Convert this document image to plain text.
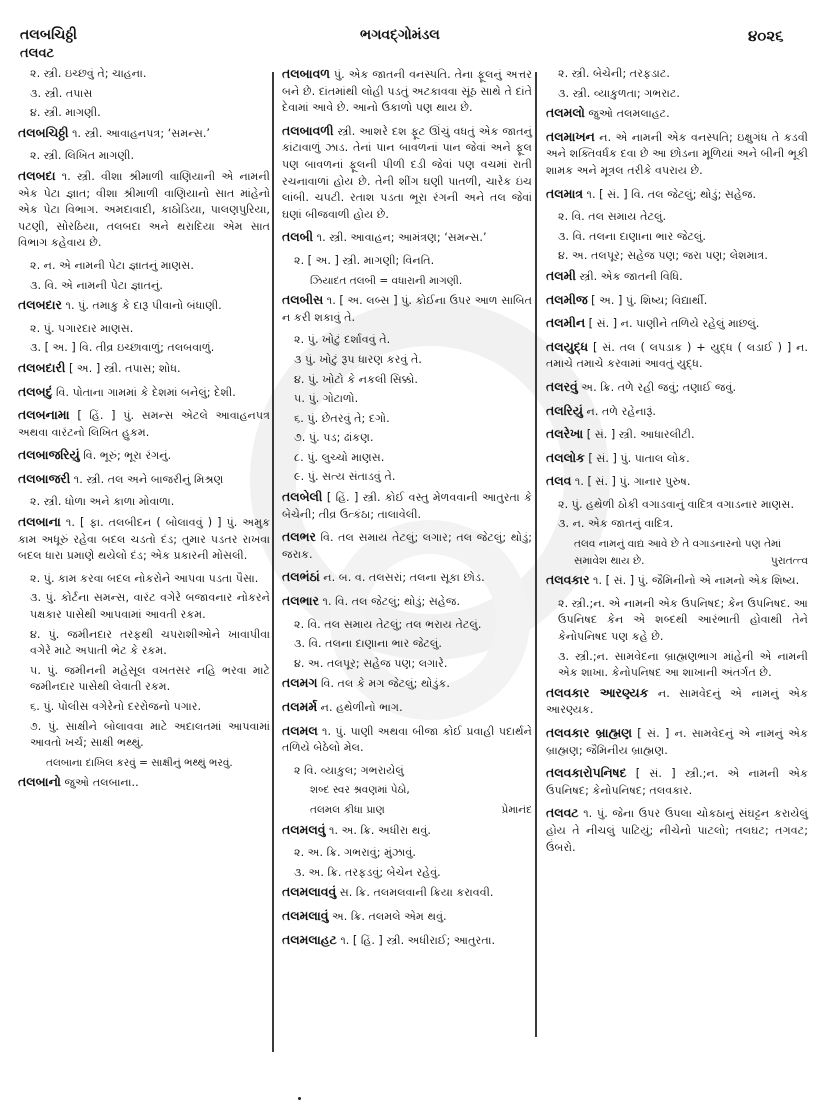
તલબચિઠ્ઠી
તલવટ
ભગવદ્ગોમંડલ	૪૦૨૬
૨. સ્ત્રી. ઇચ્છવું તે; ચાહના.
૩. સ્ત્રી. તપાસ
૪. સ્ત્રી. માગણી.
તલબચિઠ્ઠી ૧. સ્ત્રી. આવાહનપત્ર; ‘સમન્સ.’
૨. સ્ત્રી. લિખિત માગણી.
તલબદા ૧. સ્ત્રી. વીશા શ્રીમાળી વાણિયાની એ નામની એક પેટા જ્ઞાત; વીશા શ્રીમાળી વાણિયાનો સાત માંહેનો એક પેટા વિભાગ. અમદાવાદી, કાઠોડિયા, પાલણપુરિયા, પટણી, સોરઠિયા, તલબદા અને થરાદિયા એમ સાત વિભાગ કહેવાય છે.
૨. ન. એ નામની પેટા જ્ઞાતનું માણસ.
૩. વિ. એ નામની પેટા જ્ઞાતનું.
તલબદાર ૧. પું. તમાકુ કે દારૂ પીવાનો બંધાણી.
૨. પું. પગારદાર માણસ.
૩. [ અ. ] વિ. તીવ્ર ઇચ્છાવાળું; તલબવાળું.
તલબદારી [ અ. ] સ્ત્રી. તપાસ; શોધ.
તલબદું વિ. પોતાના ગામમાં કે દેશમાં બનેલું; દેશી.
તલબનામા [ હિં. ] પું. સમન્સ એટલે આવાહનપત્ર અથવા વારંટનો લિખિત હુકમ.
તલબાજરિયું વિ. ભૂરું; ભૂરા રંગનું.
તલબાજરી ૧. સ્ત્રી. તલ અને બાજરીનું મિશ્રણ
૨. સ્ત્રી. ધોળા અને કાળા મોવાળા.
તલબાના ૧. [ ફા. તલબીદન ( બોલાવવું ) ] પું. અમુક કામ અધૂરું રહેવા બદલ ચડતો દંડ; તુમાર પડતર રાખવા બદલ ધારા પ્રમાણે થયેલો દંડ; એક પ્રકારની મોસલી.
૨. પું. કામ કરવા બદલ નોકરોને આપવા પડતા પૈસા.
૩. પું. કોર્ટના સમન્સ, વારંટ વગેરે બજાવનાર નોકરને પક્ષકાર પાસેથી આપવામાં આવતી રકમ.
૪. પું. જમીનદાર તરફથી ચપરાશીઓને ખાવાપીવા વગેરે માટે અપાતી ભેટ કે રકમ.
૫. પું. જમીનની મહેસૂલ વખતસર નહિ ભરવા માટે જમીનદાર પાસેથી લેવાતી રકમ.
૬. પું. પોલીસ વગેરેનો દરરોજનો પગાર.
૭. પું. સાક્ષીને બોલાવવા માટે અદાલતમાં આપવામાં આવતો ખર્ચ; સાક્ષી ભથ્થું.
તલબાના દાખિલ કરવું = સાક્ષીનું ભથ્થું ભરવું.
તલબાનો જુઓ તલબાના..
તલબાવળ પું. એક જાતની વનસ્પતિ. તેના ફૂલનું અત્તર બને છે. દાંતમાંથી લોહી પડતું અટકાવવા સૂંઠ સાથે તે દાંતે દેવામાં આવે છે. આનો ઉકાળો પણ થાય છે.
તલબાવળી સ્ત્રી. આશરે દશ ફૂટ ઊંચું વધતું એક જાતનું કાંટાવાળું ઝાડ. તેનાં પાન બાવળનાં પાન જેવાં અને ફૂલ પણ બાવળનાં ફૂલની પીળી દડી જેવાં પણ વચમાં રાતી રચનાવાળાં હોય છે. તેની શીંગ ઘણી પાતળી, ચારેક ઇંચ લાંબી. ચપટી. રતાશ પડતા ભૂરા રંગની અને તલ જેવાં ઘણાં બીજવાળી હોય છે.
તલબી ૧. સ્ત્રી. આવાહન; આમંત્રણ; ‘સમન્સ.’
૨. [ અ. ] સ્ત્રી. માગણી; વિનતિ.
ઝિયાદત તલબી = વધારાની માગણી.
તલબીસ ૧. [ અ. લબ્સ ] પું. કોઈના ઉપર આળ સાબિત ન કરી શકાવું તે.
૨. પું. ખોટું દર્શાવવું તે.
૩ પું. ખોટું રૂપ ધારણ કરવું તે.
૪. પું. ખોટો કે નકલી સિક્કો.
૫. પું. ગોટાળો.
૬. પું. છેતરવું તે; દગો.
૭. પું. પડ; ઢાંકણ.
૮. પું. લુચ્ચો માણસ.
૯. પું. સત્ય સંતાડવું તે.
તલબેલી [ હિં. ] સ્ત્રી. કોઈ વસ્તુ મેળવવાની આતુરતા કે બેચેની; તીવ્ર ઉત્કંઠા; તાલાવેલી.
તલભર વિ. તલ સમાય તેટલું; લગાર; તલ જેટલું; થોડું; જરાક.
તલભંઠાં ન. બ. વ. તલસરાં; તલના સૂકા છોડ.
તલભાર ૧. વિ. તલ જેટલું; થોડું; સહેજ.
૨. વિ. તલ સમાય તેટલું; તલ ભરાય તેટલું.
૩. વિ. તલના દાણાના ભાર જેટલું.
૪. અ. તલપૂર; સહેજ પણ; લગારે.
તલમગ વિ. તલ કે મગ જેટલું; થોડુંક.
તલમર્મ ન. હથેળીનો ભાગ.
તલમલ ૧. પું. પાણી અથવા બીજા કોઈ પ્રવાહી પદાર્થને તળિયે બેઠેલો મેલ.
૨ વિ. વ્યાકુલ; ગભરાયેલું
શબ્દ સ્વર શ્રવણમાં પેઠો,
તલમલ કીધા પ્રાણ	પ્રેમાનંદ
તલમલવું ૧. અ. ક્રિ. અધીરા થવું.
૨. અ. ક્રિ. ગભરાવું; મુંઝાવું.
૩. અ. ક્રિ. તરફડવું; બેચેન રહેવું.
તલમલાવવું સ. ક્રિ. તલમલવાની ક્રિયા કરાવવી.
તલમલાવું અ. ક્રિ. તલમલે એમ થવું.
તલમલાહટ ૧. [ હિં. ] સ્ત્રી. અધીરાઈ; આતુરતા.
૨. સ્ત્રી. બેચેની; તરફડાટ.
૩. સ્ત્રી. વ્યાકુળતા; ગભરાટ.
તલમલો જુઓ તલમલાહટ.
તલમાખન ન. એ નામની એક વનસ્પતિ; ઇક્ષુગંધ તે કડવી અને શક્તિવર્ધક દવા છે આ છોડના મૂળિયાં અને બીની ભૂકી શામક અને મૂત્રલ તરીકે વપરાય છે.
તલમાત્ર ૧. [ સં. ] વિ. તલ જેટલું; થોડું; સહેજ.
૨. વિ. તલ સમાય તેટલું.
૩. વિ. તલના દાણાના ભાર જેટલું.
૪. અ. તલપૂર; સહેજ પણ; જરા પણ; લેશમાત્ર.
તલમી સ્ત્રી. એક જાતની વિધિ.
તલમીજ [ અ. ] પું. શિષ્ય; વિદ્યાર્થી.
તલમીન [ સં. ] ન. પાણીને તળિયે રહેલું માછલું.
તલયુદ્ધ [ સં. તલ ( લપડાક ) + યુદ્ધ ( લડાઈ ) ] ન. તમાચે તમાચે કરવામાં આવતું યુદ્ધ.
તલરવું અ. ક્રિ. તળે રહી જવું; તણાઈ જવું.
તલરિયું ન. તળે રહેનારૂં.
તલરેખા [ સં. ] સ્ત્રી. આધારલીટી.
તલલોક [ સં. ] પું. પાતાલ લોક.
તલવ ૧. [ સં. ] પું. ગાનાર પુરુષ.
૨. પું. હથેળી ઠોકી વગાડવાનું વાદિત્ર વગાડનાર માણસ.
૩. ન. એક જાતનું વાદિત્ર.
તલવ નામનું વાદ્ય આવે છે તે વગાડનારનો પણ તેમાં સમાવેશ થાય છે.	પુરાતત્ત્વ
તલવકાર ૧. [ સં. ] પું. જૈમિનીનો એ નામનો એક શિષ્ય.
૨. સ્ત્રી.;ન. એ નામની એક ઉપનિષદ; કેન ઉપનિષદ. આ ઉપનિષદ કેન એ શબ્દથી આરંભાતી હોવાથી તેને કેનોપનિષદ પણ કહે છે.
૩. સ્ત્રી.;ન. સામવેદના બ્રાહ્મણભાગ માંહેની એ નામની એક શાખા. કેનોપનિષદ આ શાખાની અંતર્ગત છે.
તલવકાર આરણ્યક ન. સામવેદનું એ નામનું એક આરણ્યક.
તલવકાર બ્રાહ્મણ [ સં. ] ન. સામવેદનું એ નામનું એક બ્રાહ્મણ; જૈમિનીય બ્રાહ્મણ.
તલવકારોપનિષદ [ સં. ] સ્ત્રી.;ન. એ નામની એક ઉપનિષદ; કેનોપનિષદ; તલવકાર.
તલવટ ૧. પું. જેના ઉપર ઉપલા ચોકઠાનું સંઘટ્ટન કરાયેલું હોય તે નીચલું પાટિયું; નીચેનો પાટલો; તલઘટ; તગવટ; ઉંબરો.
